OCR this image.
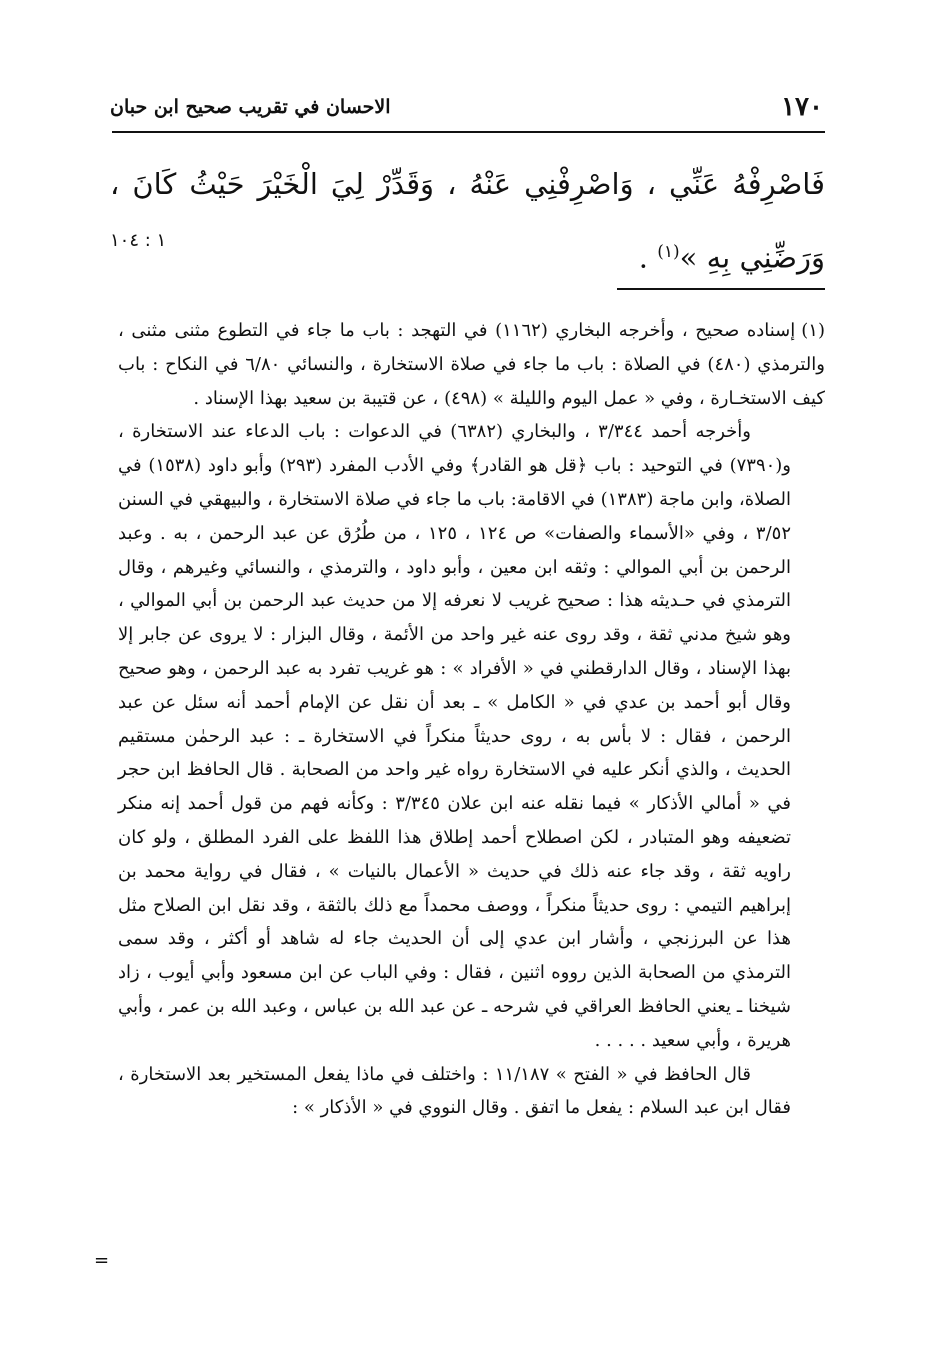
١٧٠
الاحسان في تقريب صحيح ابن حبان
فَاصْرِفْهُ عَنِّي ، وَاصْرِفْنِي عَنْهُ ، وَقَدِّرْ لِيَ الْخَيْرَ حَيْثُ كَانَ ، وَرَضِّنِي بِهِ »$^{(١)}$ .
١ : ١٠٤

(١)إسناده صحيح ، وأخرجه البخاري (١١٦٢) في التهجد : باب ما جاء في التطوع مثنى مثنى ، والترمذي (٤٨٠) في الصلاة : باب ما جاء في صلاة الاستخارة ، والنسائي ٦/٨٠ في النكاح : باب كيف الاستخـارة ، وفي « عمل اليوم والليلة » (٤٩٨) ، عن قتيبة بن سعيد بهذا الإسناد .

وأخرجه أحمد ٣/٣٤٤ ، والبخاري (٦٣٨٢) في الدعوات : باب الدعاء عند الاستخارة ، و(٧٣٩٠) في التوحيد : باب ﴿قل هو القادر﴾ وفي الأدب المفرد (٢٩٣) وأبو داود (١٥٣٨) في الصلاة، وابن ماجة (١٣٨٣) في الاقامة: باب ما جاء في صلاة الاستخارة ، والبيهقي في السنن ٣/٥٢ ، وفي «الأسماء والصفات» ص ١٢٤ ، ١٢٥ ، من طُرُق عن عبد الرحمن ، به . وعبد الرحمن بن أبي الموالي : وثقه ابن معين ، وأبو داود ، والترمذي ، والنسائي وغيرهم ، وقال الترمذي في حـديثه هذا : صحيح غريب لا نعرفه إلا من حديث عبد الرحمن بن أبي الموالي ، وهو شيخ مدني ثقة ، وقد روى عنه غير واحد من الأئمة ، وقال البزار : لا يروى عن جابر إلا بهذا الإسناد ، وقال الدارقطني في « الأفراد » : هو غريب تفرد به عبد الرحمن ، وهو صحيح وقال أبو أحمد بن عدي في « الكامل » ـ بعد أن نقل عن الإمام أحمد أنه سئل عن عبد الرحمن ، فقال : لا بأس به ، روى حديثاً منكراً في الاستخارة ـ : عبد الرحمٰن مستقيم الحديث ، والذي أنكر عليه في الاستخارة رواه غير واحد من الصحابة . قال الحافظ ابن حجر في « أمالي الأذكار » فيما نقله عنه ابن علان ٣/٣٤٥ : وكأنه فهم من قول أحمد إنه منكر تضعيفه وهو المتبادر ، لكن اصطلاح أحمد إطلاق هذا اللفظ على الفرد المطلق ، ولو كان راويه ثقة ، وقد جاء عنه ذلك في حديث « الأعمال بالنيات » ، فقال في رواية محمد بن إبراهيم التيمي : روى حديثاً منكراً ، ووصف محمداً مع ذلك بالثقة ، وقد نقل ابن الصلاح مثل هذا عن البرزنجي ، وأشار ابن عدي إلى أن الحديث جاء له شاهد أو أكثر ، وقد سمى الترمذي من الصحابة الذين رووه اثنين ، فقال : وفي الباب عن ابن مسعود وأبي أيوب ، زاد شيخنا ـ يعني الحافظ العراقي في شرحه ـ عن عبد الله بن عباس ، وعبد الله بن عمر ، وأبي هريرة ، وأبي سعيد . . . . .

قال الحافظ في « الفتح » ١١/١٨٧ : واختلف في ماذا يفعل المستخير بعد الاستخارة ، فقال ابن عبد السلام : يفعل ما اتفق . وقال النووي في « الأذكار » :

=
